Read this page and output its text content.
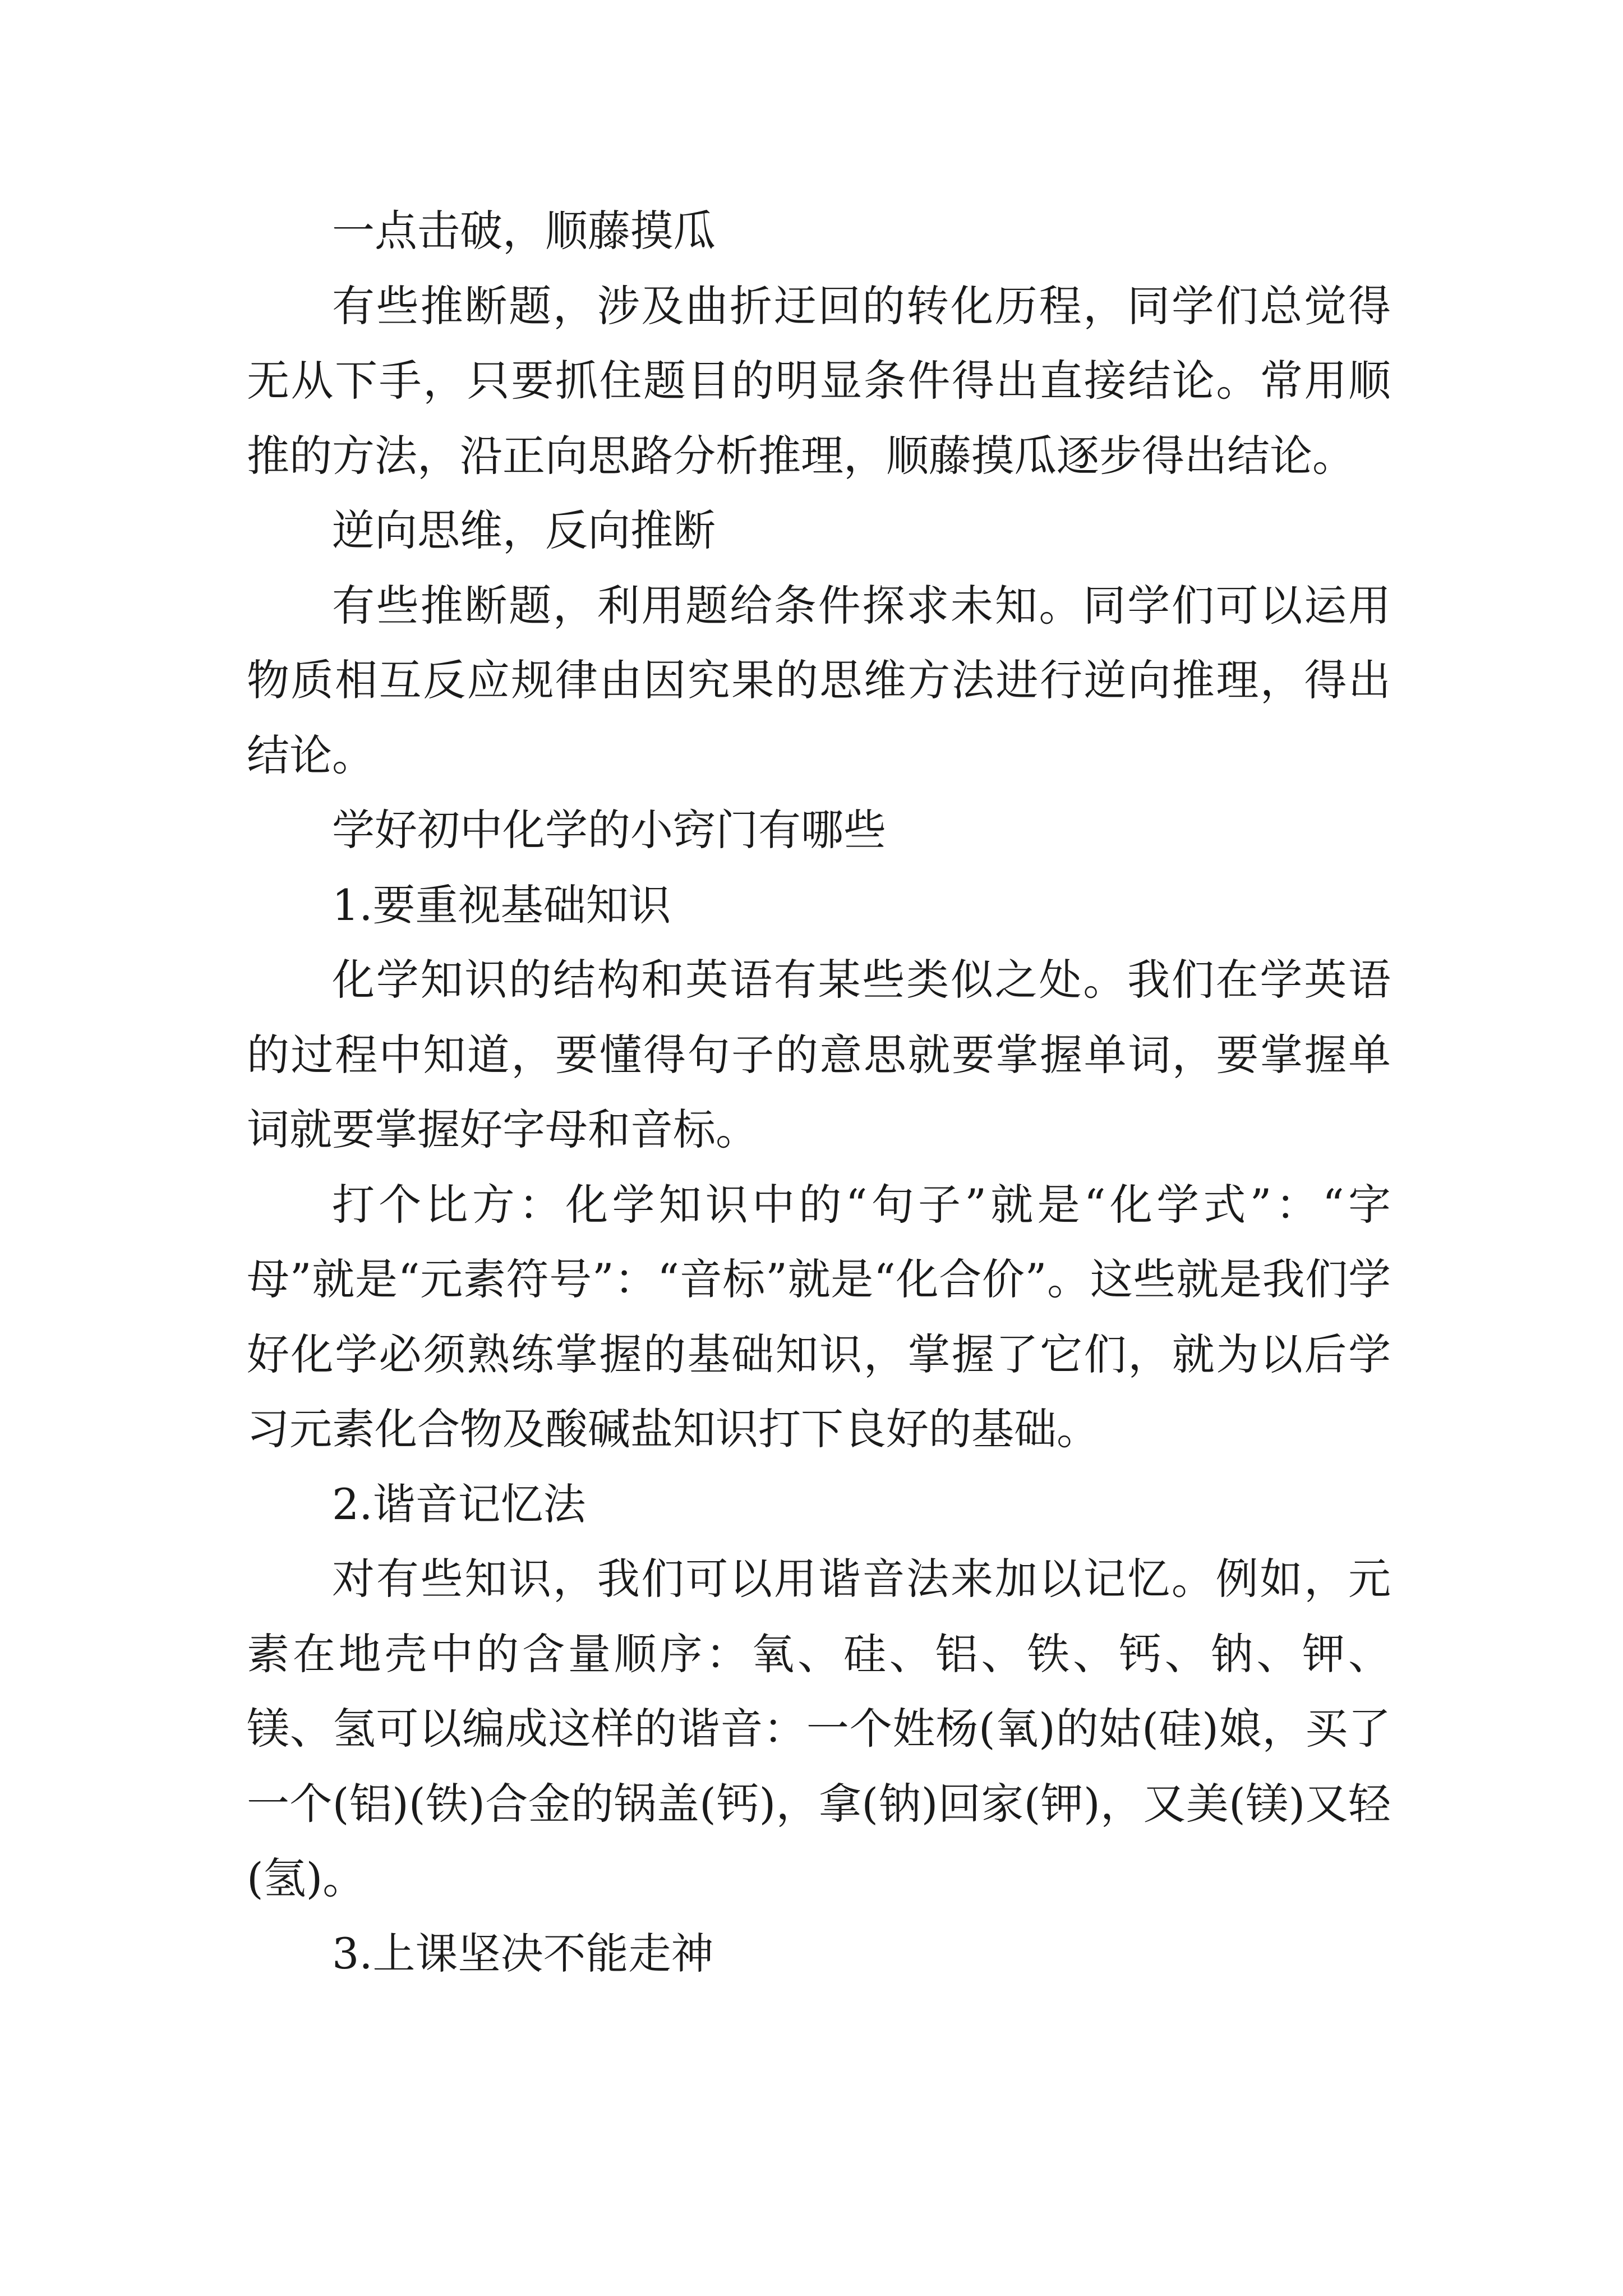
一点击破，顺藤摸瓜

有些推断题，涉及曲折迂回的转化历程，同学们总觉得无从下手，只要抓住题目的明显条件得出直接结论。常用顺推的方法，沿正向思路分析推理，顺藤摸瓜逐步得出结论。

逆向思维，反向推断

有些推断题，利用题给条件探求未知。同学们可以运用物质相互反应规律由因究果的思维方法进行逆向推理，得出结论。

学好初中化学的小窍门有哪些

1.要重视基础知识

化学知识的结构和英语有某些类似之处。我们在学英语的过程中知道，要懂得句子的意思就要掌握单词，要掌握单词就要掌握好字母和音标。

打个比方：化学知识中的“句子”就是“化学式”：“字母”就是“元素符号”：“音标”就是“化合价”。这些就是我们学好化学必须熟练掌握的基础知识，掌握了它们，就为以后学习元素化合物及酸碱盐知识打下良好的基础。

2.谐音记忆法

对有些知识，我们可以用谐音法来加以记忆。例如，元素在地壳中的含量顺序：氧、硅、铝、铁、钙、钠、钾、镁、氢可以编成这样的谐音：一个姓杨(氧)的姑(硅)娘，买了一个(铝)(铁)合金的锅盖(钙)，拿(钠)回家(钾)，又美(镁)又轻(氢)。

3.上课坚决不能走神
